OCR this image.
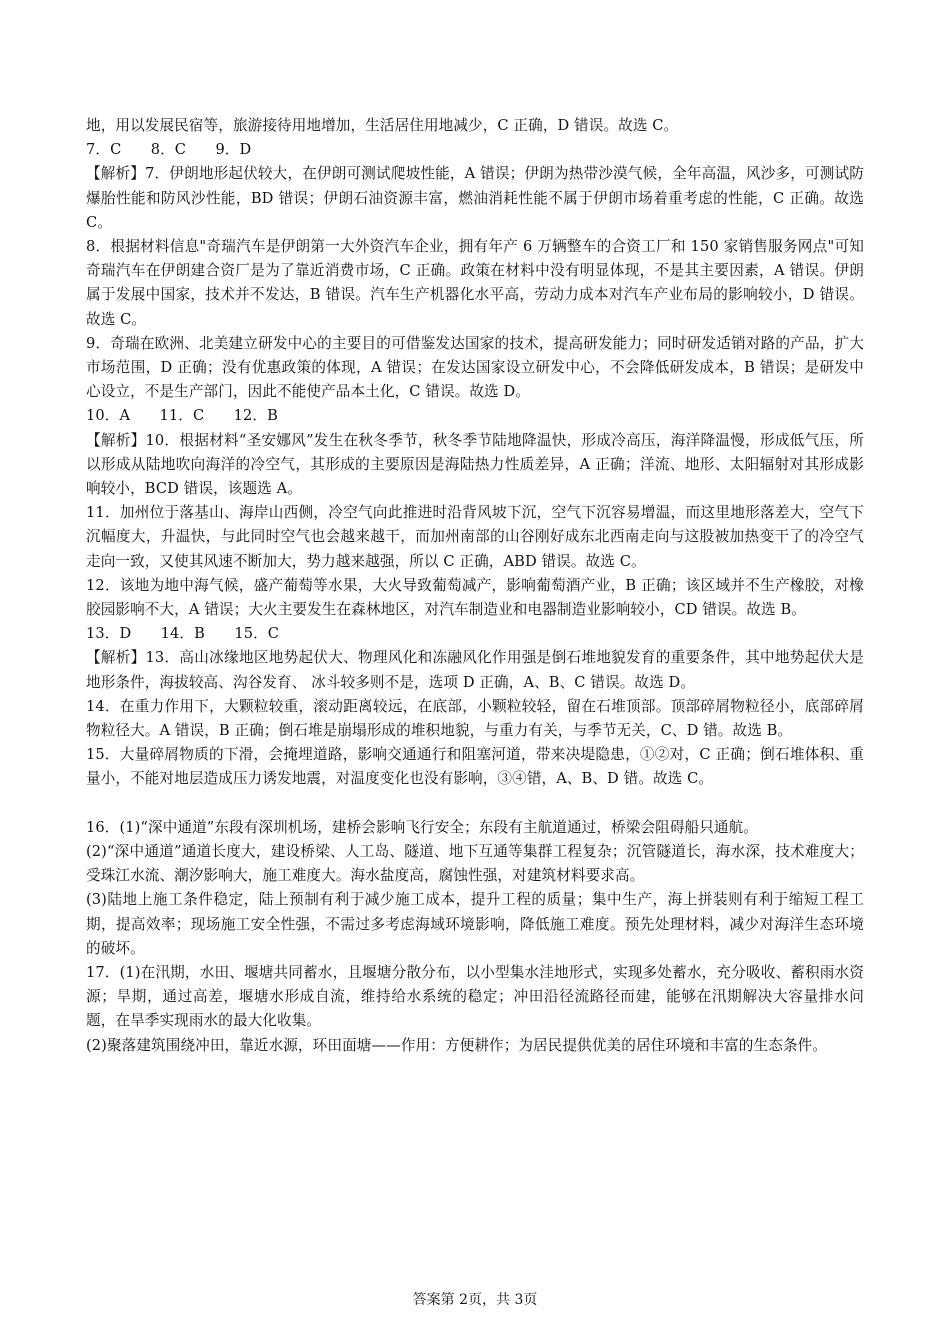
地，用以发展民宿等，旅游接待用地增加，生活居住用地减少，C 正确，D 错误。故选 C。

7．C　　8．C　　9．D

【解析】7．伊朗地形起伏较大，在伊朗可测试爬坡性能，A 错误；伊朗为热带沙漠气候，全年高温，风沙多，可测试防爆胎性能和防风沙性能，BD 错误；伊朗石油资源丰富，燃油消耗性能不属于伊朗市场着重考虑的性能，C 正确。故选 C。

8．根据材料信息"奇瑞汽车是伊朗第一大外资汽车企业，拥有年产 6 万辆整车的合资工厂和 150 家销售服务网点"可知奇瑞汽车在伊朗建合资厂是为了靠近消费市场，C 正确。政策在材料中没有明显体现，不是其主要因素，A 错误。伊朗属于发展中国家，技术并不发达，B 错误。汽车生产机器化水平高，劳动力成本对汽车产业布局的影响较小，D 错误。故选 C。

9．奇瑞在欧洲、北美建立研发中心的主要目的可借鉴发达国家的技术，提高研发能力；同时研发适销对路的产品，扩大市场范围，D 正确；没有优惠政策的体现，A 错误；在发达国家设立研发中心，不会降低研发成本，B 错误；是研发中心设立，不是生产部门，因此不能使产品本土化，C 错误。故选 D。

10．A　　11．C　　12．B

【解析】10．根据材料“圣安娜风”发生在秋冬季节，秋冬季节陆地降温快，形成冷高压，海洋降温慢，形成低气压，所以形成从陆地吹向海洋的冷空气，其形成的主要原因是海陆热力性质差异，A 正确；洋流、地形、太阳辐射对其形成影响较小，BCD 错误，该题选 A。

11．加州位于落基山、海岸山西侧，冷空气向此推进时沿背风坡下沉，空气下沉容易增温，而这里地形落差大，空气下沉幅度大，升温快，与此同时空气也会越来越干，而加州南部的山谷刚好成东北西南走向与这股被加热变干了的冷空气走向一致，又使其风速不断加大，势力越来越强，所以 C 正确，ABD 错误。故选 C。

12．该地为地中海气候，盛产葡萄等水果，大火导致葡萄减产，影响葡萄酒产业，B 正确；该区域并不生产橡胶，对橡胶园影响不大，A 错误；大火主要发生在森林地区，对汽车制造业和电器制造业影响较小，CD 错误。故选 B。

13．D　　14．B　　15．C

【解析】13．高山冰缘地区地势起伏大、物理风化和冻融风化作用强是倒石堆地貌发育的重要条件，其中地势起伏大是地形条件，海拔较高、沟谷发育、 冰斗较多则不是，选项 D 正确，A、B、C 错误。故选 D。

14．在重力作用下，大颗粒较重，滚动距离较远，在底部，小颗粒较轻，留在石堆顶部。顶部碎屑物粒径小，底部碎屑物粒径大。A 错误，B 正确；倒石堆是崩塌形成的堆积地貌，与重力有关，与季节无关，C、D 错。故选 B。

15．大量碎屑物质的下滑，会掩埋道路，影响交通通行和阻塞河道，带来决堤隐患，①②对，C 正确；倒石堆体积、重量小，不能对地层造成压力诱发地震，对温度变化也没有影响，③④错，A、B、D 错。故选 C。

16．(1)“深中通道”东段有深圳机场，建桥会影响飞行安全；东段有主航道通过，桥梁会阻碍船只通航。

(2)“深中通道”通道长度大，建设桥梁、人工岛、隧道、地下互通等集群工程复杂；沉管隧道长，海水深，技术难度大；受珠江水流、潮汐影响大，施工难度大。海水盐度高，腐蚀性强，对建筑材料要求高。

(3)陆地上施工条件稳定，陆上预制有利于减少施工成本，提升工程的质量；集中生产，海上拼装则有利于缩短工程工期，提高效率；现场施工安全性强，不需过多考虑海域环境影响，降低施工难度。预先处理材料，减少对海洋生态环境的破坏。

17．(1)在汛期，水田、堰塘共同蓄水，且堰塘分散分布，以小型集水洼地形式，实现多处蓄水，充分吸收、蓄积雨水资源；旱期，通过高差，堰塘水形成自流，维持给水系统的稳定；冲田沿径流路径而建，能够在汛期解决大容量排水问题，在旱季实现雨水的最大化收集。

(2)聚落建筑围绕冲田，靠近水源，环田面塘——作用：方便耕作；为居民提供优美的居住环境和丰富的生态条件。

答案第 2页，共 3页
